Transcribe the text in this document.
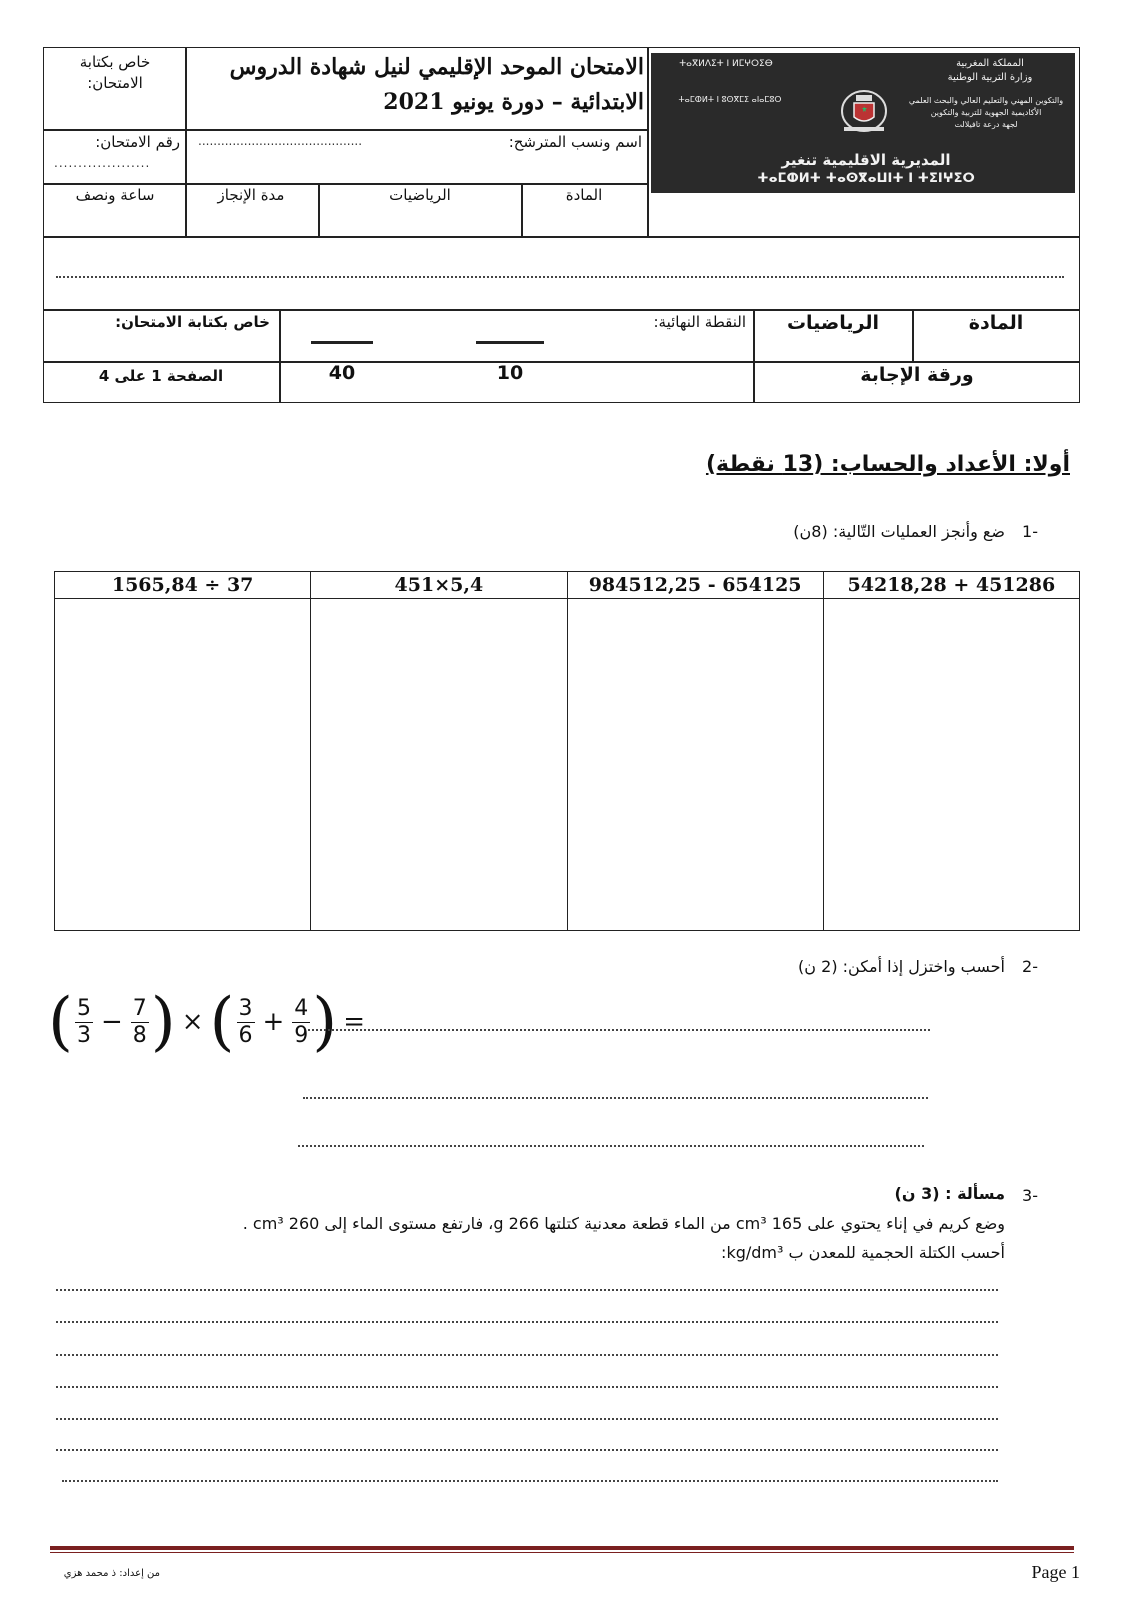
خاص بكتابة الامتحان:
الامتحان الموحد الإقليمي لنيل شهادة الدروس
الابتدائية – دورة يونيو 2021
رقم الامتحان:
....................
اسم ونسب المترشح:
...........................................
ساعة ونصف	مدة الإنجاز	الرياضيات	المادة
المملكة المغربية
وزارة التربية الوطنية
والتكوين المهني والتعليم العالي والبحث العلمي
الأكاديمية الجهوية للتربية والتكوين
لجهة درعة تافيلالت
ⵜⴰⴳⵍⴷⵉⵜ ⵏ ⵍⵎⵖⵔⵉⴱ
ⵜⴰⵎⵀⵍⵜ ⵏ ⵓⵙⴳⵎⵉ ⴰⵏⴰⵎⵓⵔ
المديرية الاقليمية تنغير
ⵜⴰⵎⵀⵍⵜ ⵜⴰⵙⴳⴰⵡⵏⵜ ⵏ ⵜⵉⵏⵖⵉⵔ
المادة
الرياضيات
النقطة النهائية:
خاص بكتابة الامتحان:
10
40	ورقة الإجابة
الصفحة 1 على 4
أولا: الأعداد والحساب: (13 نقطة)
-1
ضع وأنجز العمليات التّالية: (8ن)
1565,84 ÷ 37	451×5,4	984512,25 - 654125	54218,28 + 451286

-2
أحسب واختزل إذا أمكن: (2 ن)
( $\frac{5}{3} - \frac{7}{8}$ ) ×( $\frac{3}{6} + \frac{4}{9}$ ) =
-3
مسألة : (3 ن)
وضع كريم في إناء يحتوي على 165 cm³ من الماء قطعة معدنية كتلتها 266 g، فارتفع مستوى الماء إلى 260 cm³ .
أحسب الكتلة الحجمية للمعدن ب kg/dm³:
من إعداد: ذ محمد هزي	Page 1
